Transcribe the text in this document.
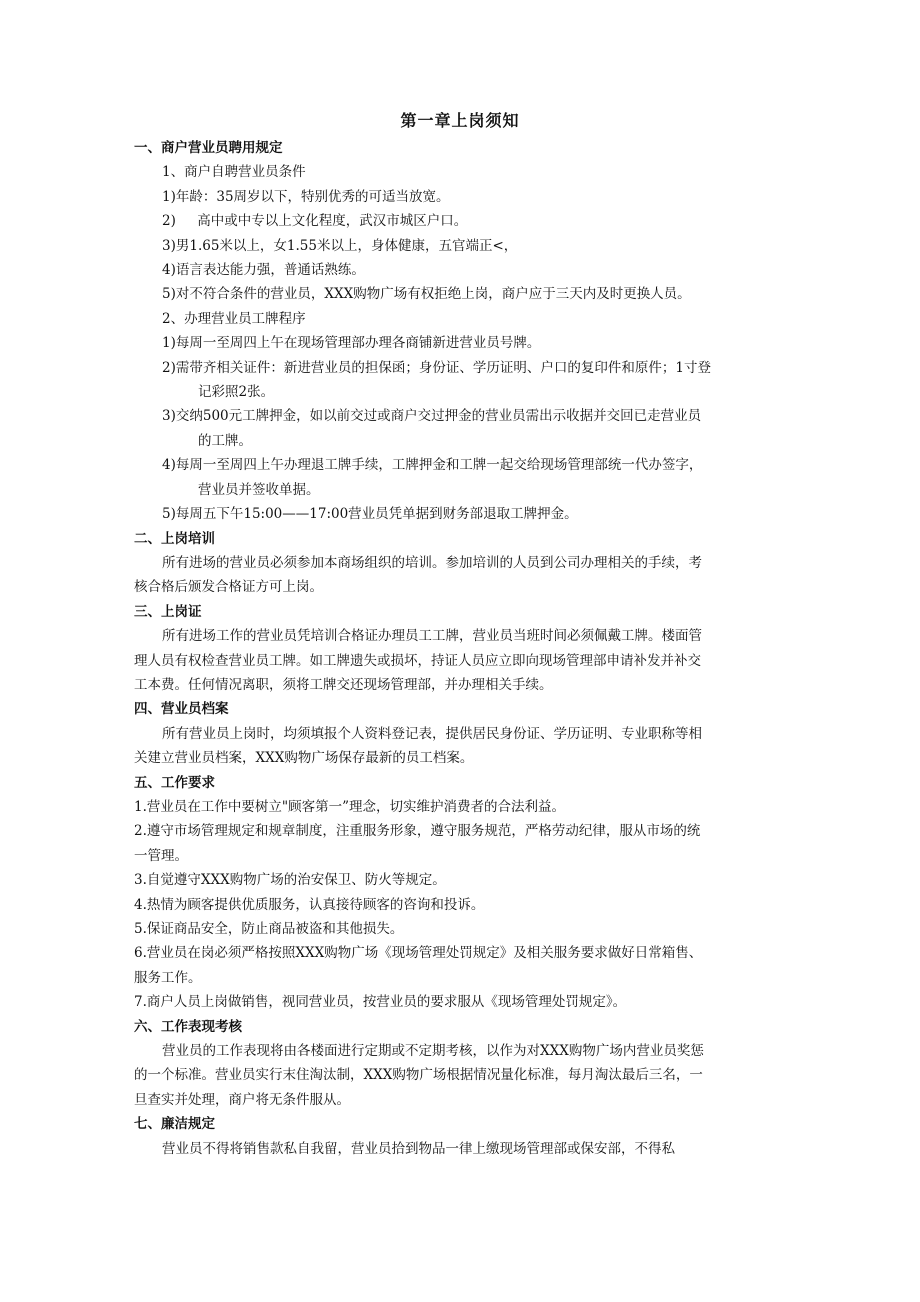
第一章上岗须知
一、商户营业员聘用规定
1、商户自聘营业员条件
1)年龄：35周岁以下，特别优秀的可适当放宽。
2)     高中或中专以上文化程度，武汉市城区户口。
3)男1.65米以上，女1.55米以上，身体健康，五官端正<，
4)语言表达能力强，普通话熟练。
5)对不符合条件的营业员，XXX购物广场有权拒绝上岗，商户应于三天内及时更换人员。
2、办理营业员工牌程序
1)每周一至周四上午在现场管理部办理各商铺新进营业员号牌。
2)需带齐相关证件：新进营业员的担保函；身份证、学历证明、户口的复印件和原件；1寸登
记彩照2张。
3)交纳500元工牌押金，如以前交过或商户交过押金的营业员需出示收据并交回已走营业员
的工牌。
4)每周一至周四上午办理退工牌手续，工牌押金和工牌一起交给现场管理部统一代办签字，
营业员并签收单据。
5)每周五下午15:00——17:00营业员凭单据到财务部退取工牌押金。
二、上岗培训
所有进场的营业员必须参加本商场组织的培训。参加培训的人员到公司办理相关的手续，考
核合格后颁发合格证方可上岗。
三、上岗证
所有进场工作的营业员凭培训合格证办理员工工牌，营业员当班时间必须佩戴工牌。楼面管
理人员有权检查营业员工牌。如工牌遗失或损坏，持证人员应立即向现场管理部申请补发并补交
工本费。任何情况离职，须将工牌交还现场管理部，并办理相关手续。
四、营业员档案
所有营业员上岗时，均须填报个人资料登记表，提供居民身份证、学历证明、专业职称等相
关建立营业员档案，XXX购物广场保存最新的员工档案。
五、工作要求
1.营业员在工作中要树立"顾客第一”理念，切实维护消费者的合法利益。
2.遵守市场管理规定和规章制度，注重服务形象，遵守服务规范，严格劳动纪律，服从市场的统
一管理。
3.自觉遵守XXX购物广场的治安保卫、防火等规定。
4.热情为顾客提供优质服务，认真接待顾客的咨询和投诉。
5.保证商品安全，防止商品被盗和其他损失。
6.营业员在岗必须严格按照XXX购物广场《现场管理处罚规定》及相关服务要求做好日常箱售、
服务工作。
7.商户人员上岗做销售，视同营业员，按营业员的要求服从《现场管理处罚规定》。
六、工作表现考核
营业员的工作表现将由各楼面进行定期或不定期考核，以作为对XXX购物广场内营业员奖惩
的一个标准。营业员实行末住淘汰制，XXX购物广场根据情况量化标准，每月淘汰最后三名，一
旦查实并处理，商户将无条件服从。
七、廉洁规定
营业员不得将销售款私自我留，营业员拾到物品一律上缴现场管理部或保安部，不得私
